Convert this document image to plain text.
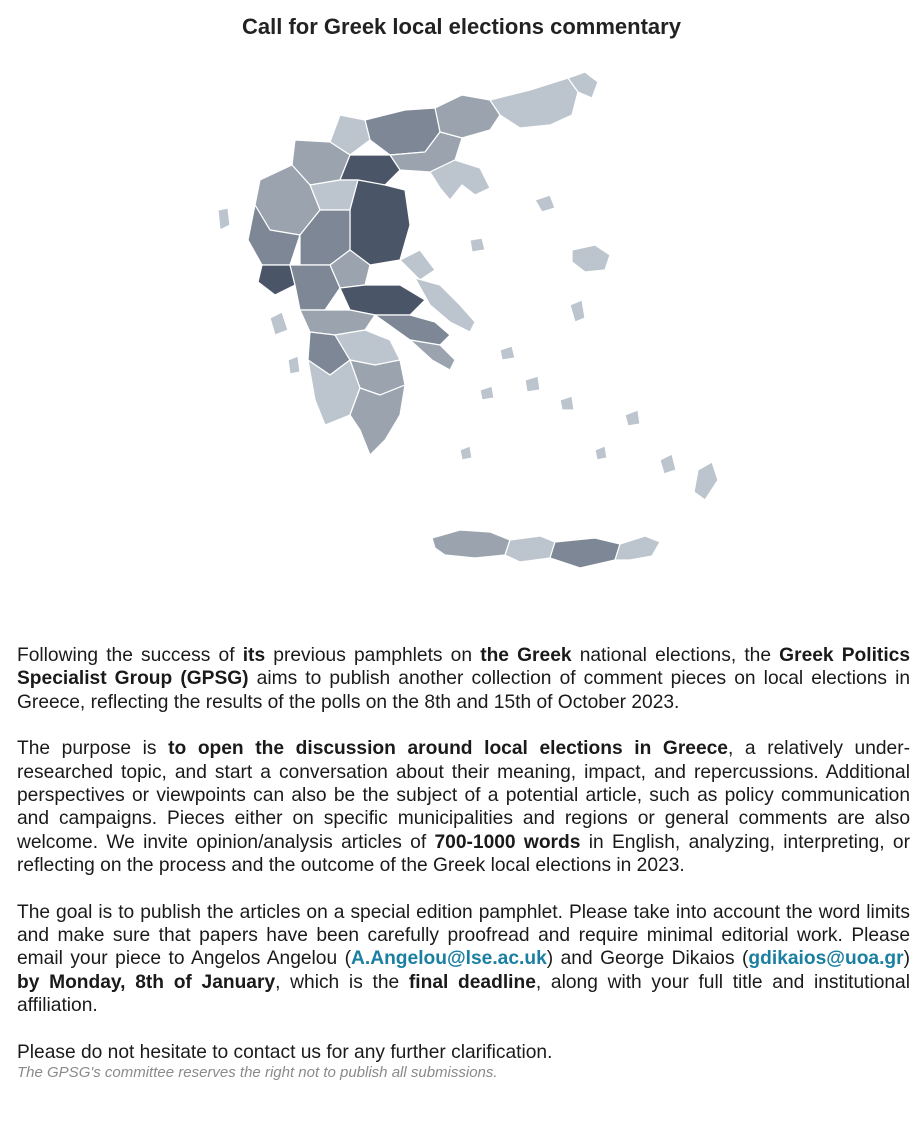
Call for Greek local elections commentary

Following the success of its previous pamphlets on the Greek national elections, the Greek Politics Specialist Group (GPSG) aims to publish another collection of comment pieces on local elections in Greece, reflecting the results of the polls on the 8th and 15th of October 2023.

The purpose is to open the discussion around local elections in Greece, a relatively under-researched topic, and start a conversation about their meaning, impact, and repercussions. Additional perspectives or viewpoints can also be the subject of a potential article, such as policy communication and campaigns. Pieces either on specific municipalities and regions or general comments are also welcome. We invite opinion/analysis articles of 700-1000 words in English, analyzing, interpreting, or reflecting on the process and the outcome of the Greek local elections in 2023.

The goal is to publish the articles on a special edition pamphlet. Please take into account the word limits and make sure that papers have been carefully proofread and require minimal editorial work. Please email your piece to Angelos Angelou (A.Angelou@lse.ac.uk) and George Dikaios (gdikaios@uoa.gr) by Monday, 8th of January, which is the final deadline, along with your full title and institutional affiliation.

Please do not hesitate to contact us for any further clarification.

The GPSG's committee reserves the right not to publish all submissions.
